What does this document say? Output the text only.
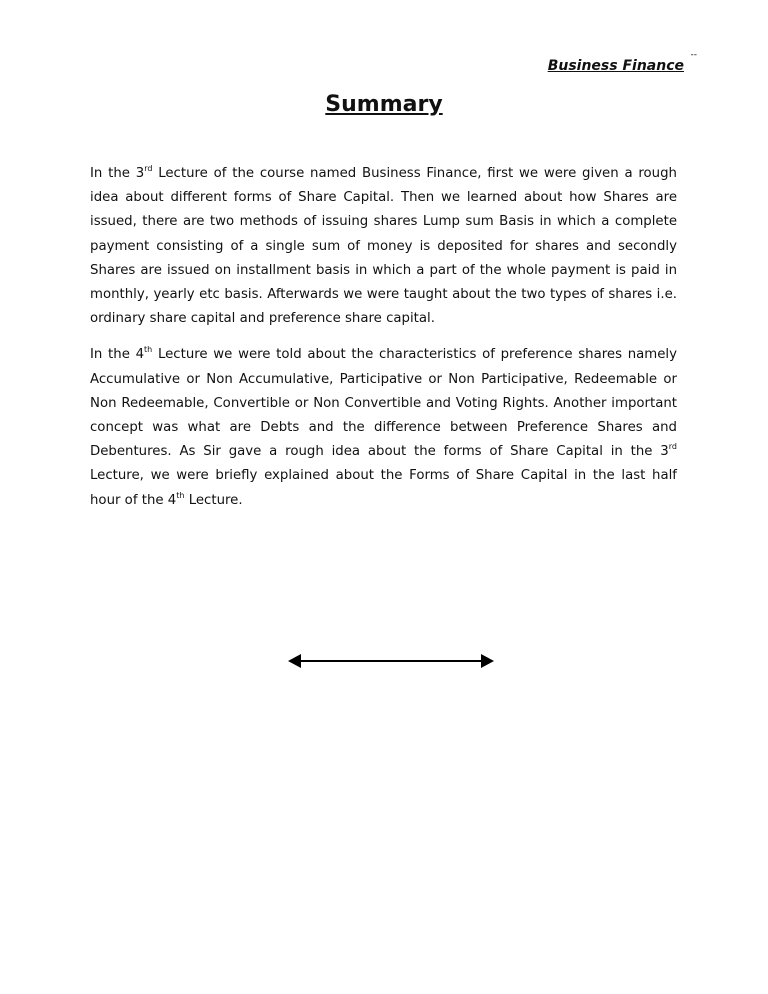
Business Finance
--
Summary

In the 3rd Lecture of the course named Business Finance, first we were given a rough idea about different forms of Share Capital. Then we learned about how Shares are issued, there are two methods of issuing shares Lump sum Basis in which a complete payment consisting of a single sum of money is deposited for shares and secondly Shares are issued on installment basis in which a part of the whole payment is paid in monthly, yearly etc basis. Afterwards we were taught about the two types of shares i.e. ordinary share capital and preference share capital.

In the 4th Lecture we were told about the characteristics of preference shares namely Accumulative or Non Accumulative, Participative or Non Participative, Redeemable or Non Redeemable, Convertible or Non Convertible and Voting Rights. Another important concept was what are Debts and the difference between Preference Shares and Debentures. As Sir gave a rough idea about the forms of Share Capital in the 3rd Lecture, we were briefly explained about the Forms of Share Capital in the last half hour of the 4th Lecture.
